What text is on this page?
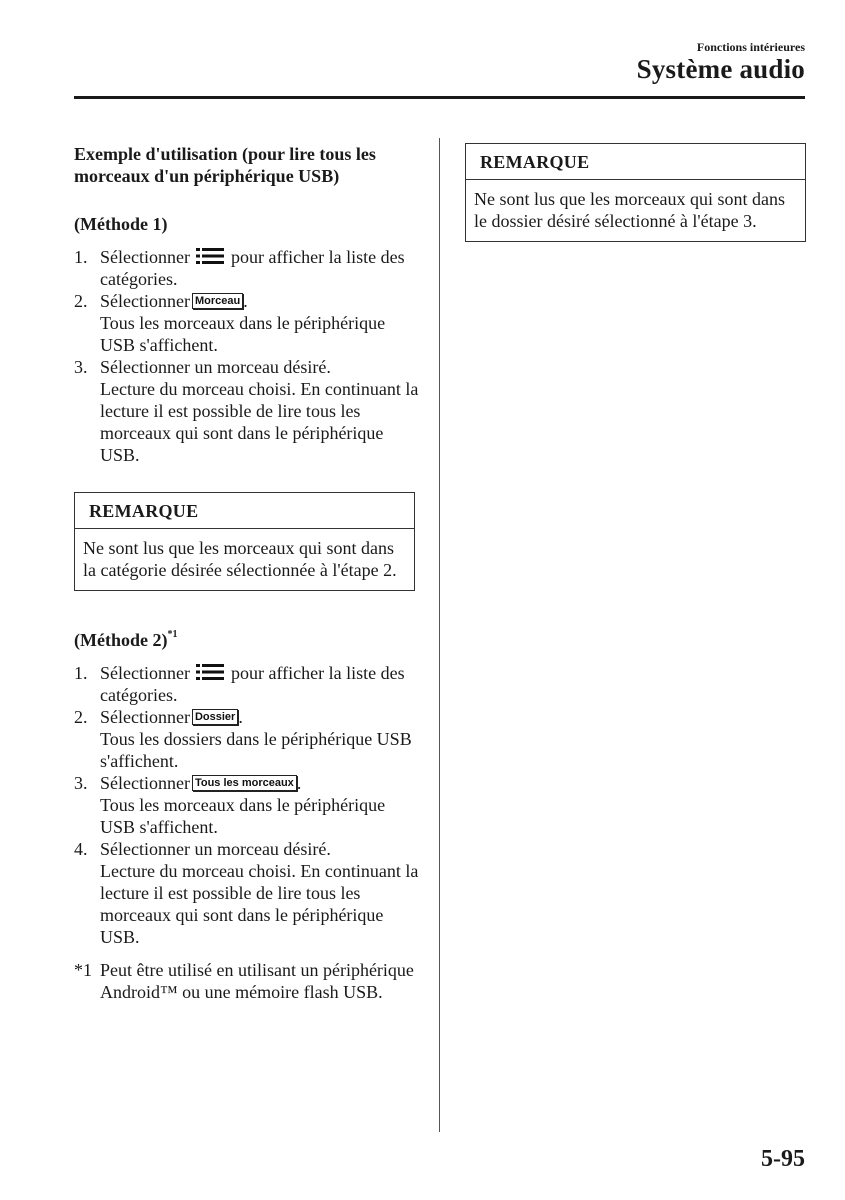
Fonctions intérieures
Système audio
Exemple d'utilisation (pour lire tous les morceaux d'un périphérique USB)
(Méthode 1)
1. Sélectionner pour afficher la liste des catégories.
2. Sélectionner Morceau .
Tous les morceaux dans le périphérique USB s'affichent.
3. Sélectionner un morceau désiré.
Lecture du morceau choisi. En continuant la lecture il est possible de lire tous les morceaux qui sont dans le périphérique USB.
REMARQUE
Ne sont lus que les morceaux qui sont dans la catégorie désirée sélectionnée à l'étape 2.
(Méthode 2)$^{*1}$
1. Sélectionner pour afficher la liste des catégories.
2. Sélectionner Dossier .
Tous les dossiers dans le périphérique USB s'affichent.
3. Sélectionner Tous les morceaux .
Tous les morceaux dans le périphérique USB s'affichent.
4. Sélectionner un morceau désiré.
Lecture du morceau choisi. En continuant la lecture il est possible de lire tous les morceaux qui sont dans le périphérique USB.
*1 Peut être utilisé en utilisant un périphérique Android™ ou une mémoire flash USB.
REMARQUE
Ne sont lus que les morceaux qui sont dans le dossier désiré sélectionné à l'étape 3.
5-95
